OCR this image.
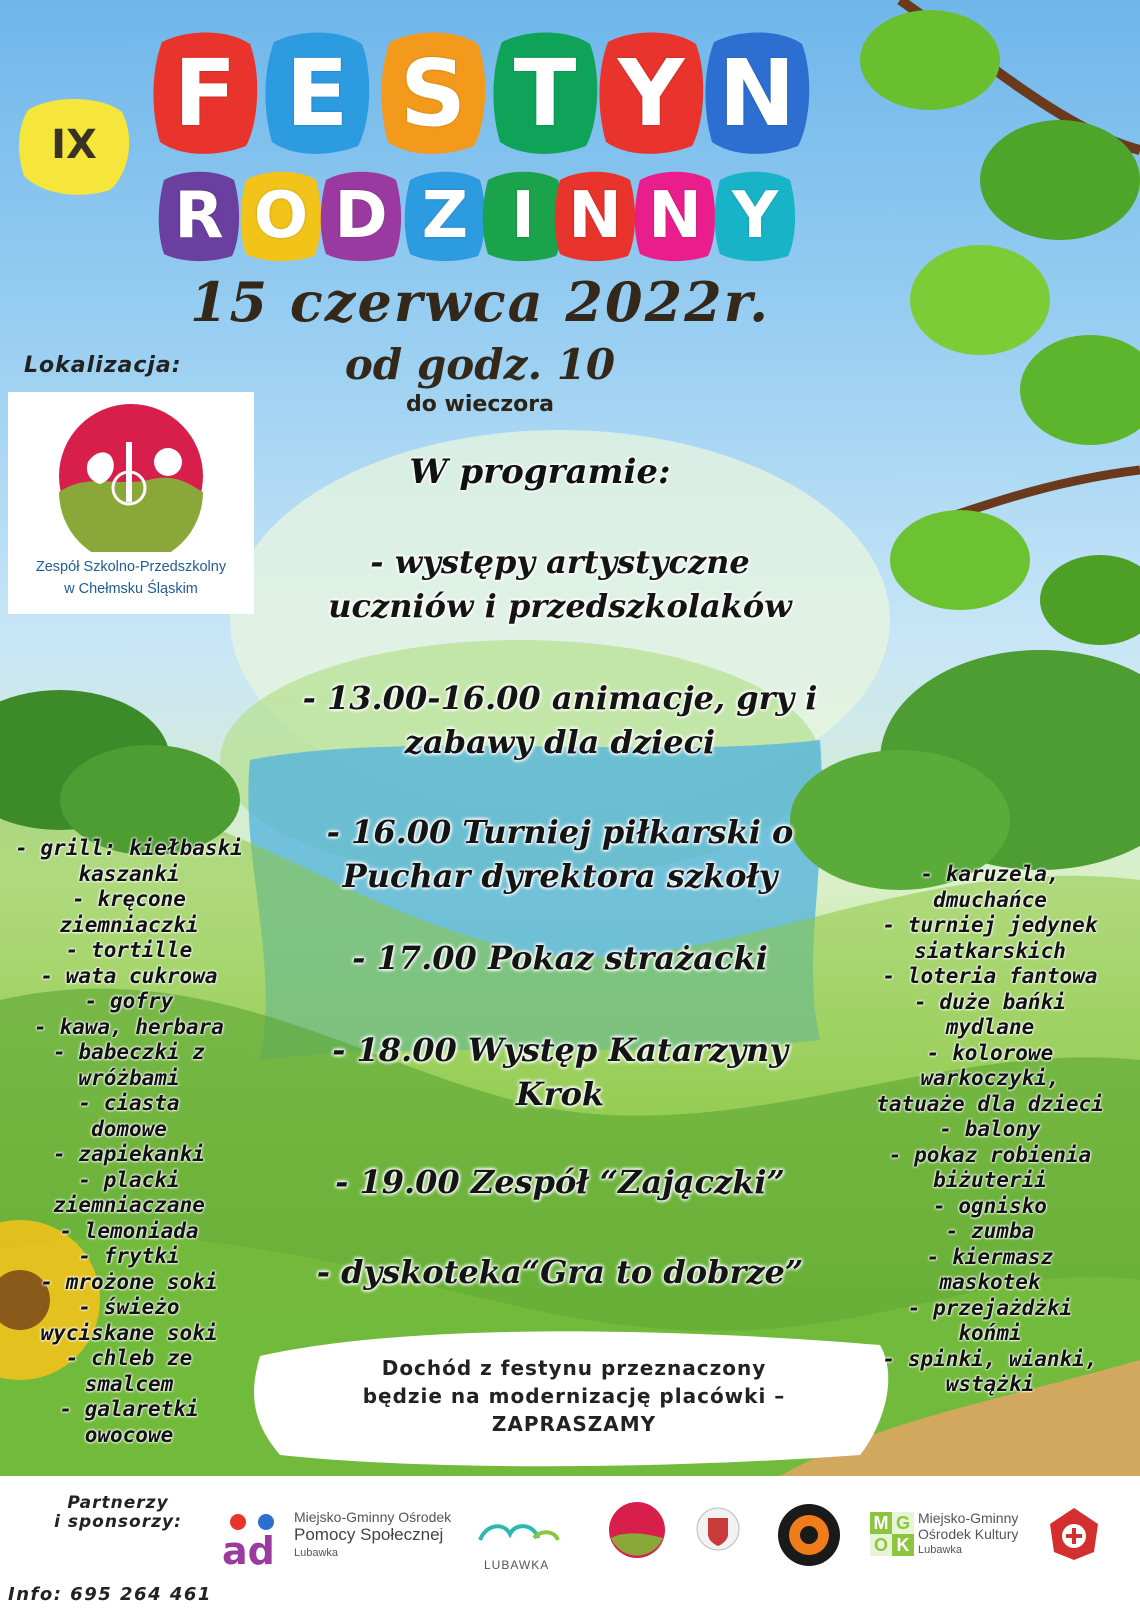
IX F E S T Y N
R O D Z I N N Y
15 czerwca 2022r.
od godz. 10
do wieczora
Lokalizacja:
Zespół Szkolno-Przedszkolny
w Chełmsku Śląskim
W programie:
- występy artystyczne
uczniów i przedszkolaków
- 13.00-16.00 animacje, gry i
zabawy dla dzieci
- 16.00 Turniej piłkarski o
Puchar dyrektora szkoły
- 17.00 Pokaz strażacki
- 18.00 Występ Katarzyny
Krok
- 19.00 Zespół “Zajączki”
- dyskoteka“Gra to dobrze”
- grill: kiełbaski
kaszanki
- kręcone
ziemniaczki
- tortille
- wata cukrowa
- gofry
- kawa, herbara
- babeczki z
wróżbami
- ciasta
domowe
- zapiekanki
- placki
ziemniaczane
- lemoniada
- frytki
- mrożone soki
- świeżo
wyciskane soki
- chleb ze
smalcem
- galaretki
owocowe
- karuzela,
dmuchańce
- turniej jedynek
siatkarskich
- loteria fantowa
- duże bańki
mydlane
- kolorowe
warkoczyki,
tatuaże dla dzieci
- balony
- pokaz robienia
biżuterii
- ognisko
- zumba
- kiermasz
maskotek
- przejażdżki
końmi
- spinki, wianki,
wstążki
Dochód z festynu przeznaczony
będzie na modernizację placówki –
ZAPRASZAMY
Partnerzy
i sponsorzy:
Info: 695 264 461
ad
Miejsko-Gminny Ośrodek
Pomocy Społecznej
Lubawka
LUBAWKA
M G
O K
Miejsko-Gminny
Ośrodek Kultury
Lubawka
